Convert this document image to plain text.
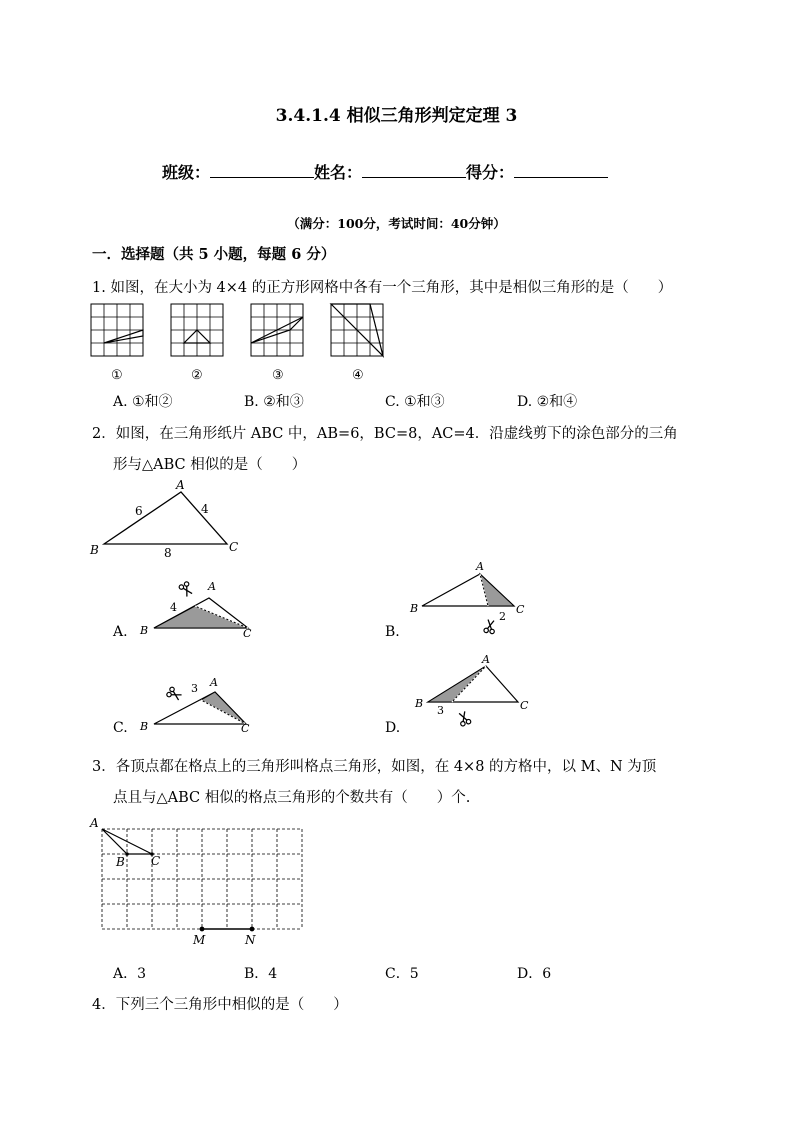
3.4.1.4 相似三角形判定定理 3
班级：	姓名：	得分：
（满分：100分，考试时间：40分钟）
一．选择题（共 5 小题，每题 6 分）
1. 如图，在大小为 4×4 的正方形网格中各有一个三角形，其中是相似三角形的是（　　）
①	②	③	④
A. ①和②	B. ②和③	C. ①和③	D. ②和④
2．如图，在三角形纸片 ABC 中，AB=6，BC=8，AC=4．沿虚线剪下的涂色部分的三角
形与△ABC 相似的是（　　）
A
B	C
6	4
8
A. B
A
C
4
B.
B
A
C
2
C. B
A
C
3
D.
B
A
C
3
3．各顶点都在格点上的三角形叫格点三角形，如图，在 4×8 的方格中，以 M、N 为顶
点且与△ABC 相似的格点三角形的个数共有（　　）个.
A
B C
M	N
A．3	B．4	C．5	D．6
4．下列三个三角形中相似的是（　　）
